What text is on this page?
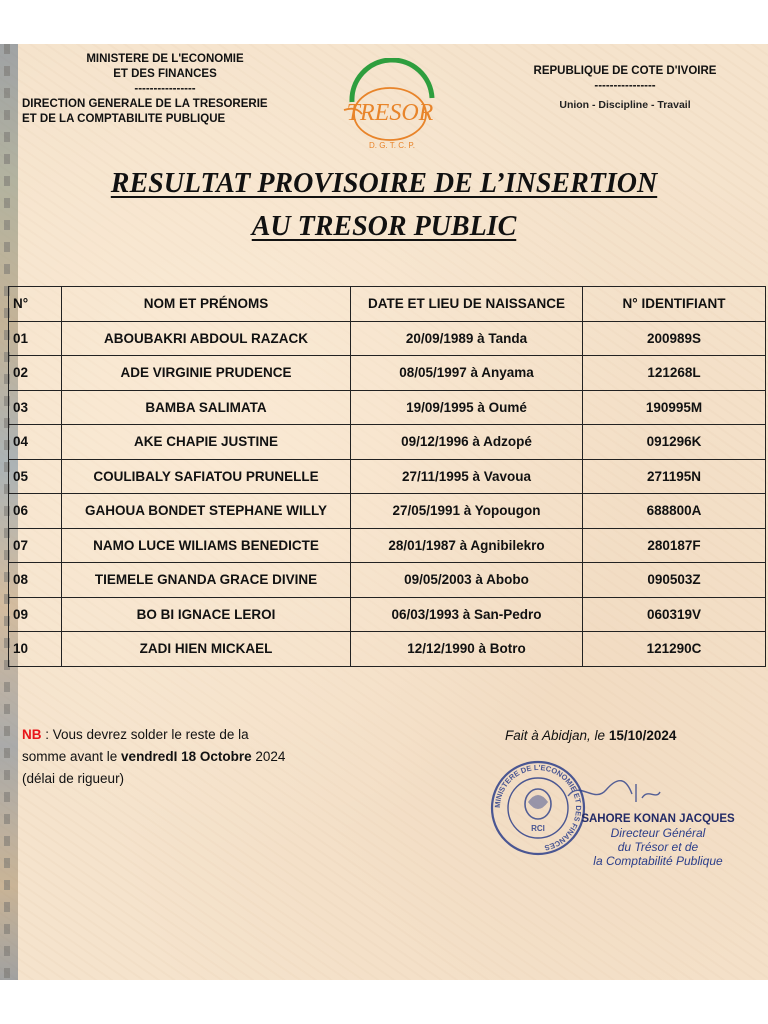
MINISTERE DE L'ECONOMIE
ET DES FINANCES
----------------
DIRECTION GENERALE DE LA TRESORERIE
ET DE LA COMPTABILITE PUBLIQUE	TRESOR
D. G. T. C. P.
REPUBLIQUE DE COTE D'IVOIRE
----------------
Union - Discipline - Travail
RESULTAT PROVISOIRE DE L’INSERTION
AU TRESOR PUBLIC
N°	NOM ET PRÉNOMS	DATE ET LIEU DE NAISSANCE	N° IDENTIFIANT
01	ABOUBAKRI ABDOUL RAZACK	20/09/1989 à Tanda	200989S
02	ADE VIRGINIE PRUDENCE	08/05/1997 à Anyama	121268L
03	BAMBA SALIMATA	19/09/1995 à Oumé	190995M
04	AKE CHAPIE JUSTINE	09/12/1996 à Adzopé	091296K
05	COULIBALY SAFIATOU PRUNELLE	27/11/1995 à Vavoua	271195N
06	GAHOUA BONDET STEPHANE WILLY	27/05/1991 à Yopougon	688800A
07	NAMO LUCE WILIAMS BENEDICTE	28/01/1987 à Agnibilekro	280187F
08	TIEMELE GNANDA GRACE DIVINE	09/05/2003 à Abobo	090503Z
09	BO BI IGNACE LEROI	06/03/1993 à San-Pedro	060319V
10	ZADI HIEN MICKAEL	12/12/1990 à Botro	121290C
NB : Vous devrez solder le reste de la
somme avant le vendredI 18 Octobre 2024
(délai de rigueur)
Fait à Abidjan, le 15/10/2024
MINISTERE DE L'ECONOMIE ET DES FINANCES
RCI
SAHORE KONAN JACQUES
Directeur Général
du Trésor et de
la Comptabilité Publique
